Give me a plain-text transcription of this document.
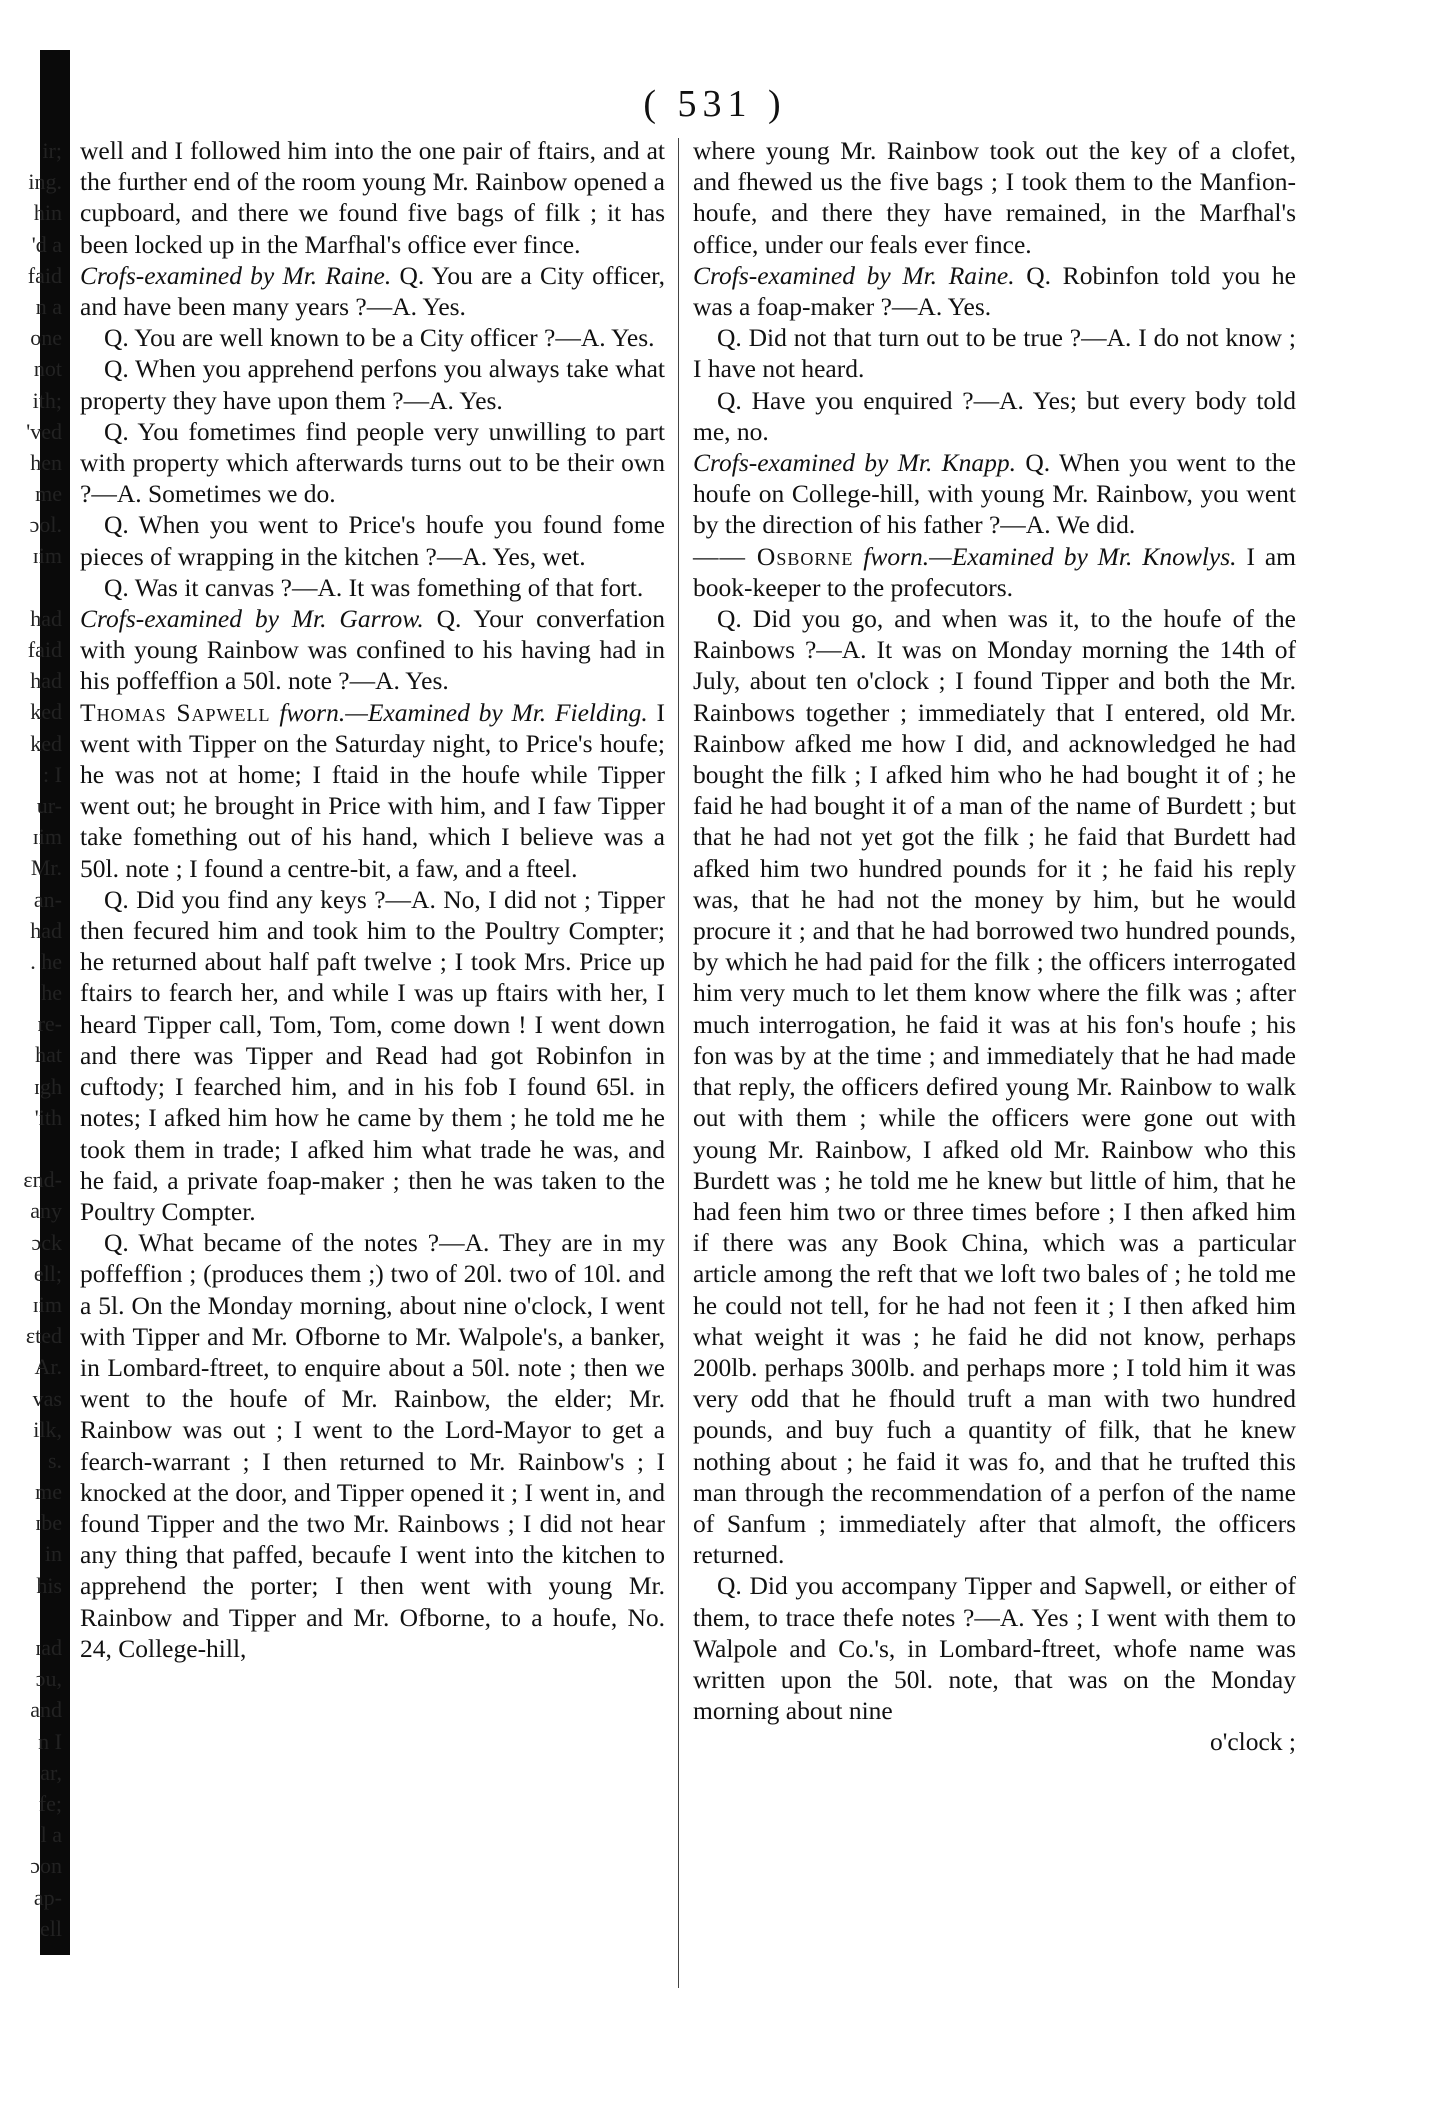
( 531 )
ir;
ing.
hin
'd a
faid
n a
one
not
ith;
'ved
hen
me
ɔol.
ɪim
had
faid
had
ked
ked
: I
ur-
ɪim
Mr.
an-
had
. he
he
re-
hat
ɪgh
'ith
ɛnd-
any
ɔck
ell;
ɪim
ɛted
Ar.
vas
ilk,
s.
me
ɪbe
in
his
ɪad
ɔu,
and
n I
ar,
fe;
l a
ɔon
ap-
ell

well and I followed him into the one pair of ftairs, and at the further end of the room young Mr. Rainbow opened a cupboard, and there we found five bags of filk ; it has been locked up in the Marfhal's office ever fince.

Crofs-examined by Mr. Raine. Q. You are a City officer, and have been many years ?—A. Yes.

Q. You are well known to be a City officer ?—A. Yes.

Q. When you apprehend perfons you always take what property they have upon them ?—A. Yes.

Q. You fometimes find people very unwilling to part with property which afterwards turns out to be their own ?—A. Sometimes we do.

Q. When you went to Price's houfe you found fome pieces of wrapping in the kitchen ?—A. Yes, wet.

Q. Was it canvas ?—A. It was fomething of that fort.

Crofs-examined by Mr. Garrow. Q. Your converfation with young Rainbow was confined to his having had in his poffeffion a 50l. note ?—A. Yes.

Thomas Sapwell fworn.—Examined by Mr. Fielding. I went with Tipper on the Saturday night, to Price's houfe; he was not at home; I ftaid in the houfe while Tipper went out; he brought in Price with him, and I faw Tipper take fomething out of his hand, which I believe was a 50l. note ; I found a centre-bit, a faw, and a fteel.

Q. Did you find any keys ?—A. No, I did not ; Tipper then fecured him and took him to the Poultry Compter; he returned about half paft twelve ; I took Mrs. Price up ftairs to fearch her, and while I was up ftairs with her, I heard Tipper call, Tom, Tom, come down ! I went down and there was Tipper and Read had got Robinfon in cuftody; I fearched him, and in his fob I found 65l. in notes; I afked him how he came by them ; he told me he took them in trade; I afked him what trade he was, and he faid, a private foap-maker ; then he was taken to the Poultry Compter.

Q. What became of the notes ?—A. They are in my poffeffion ; (produces them ;) two of 20l. two of 10l. and a 5l. On the Monday morning, about nine o'clock, I went with Tipper and Mr. Ofborne to Mr. Walpole's, a banker, in Lombard-ftreet, to enquire about a 50l. note ; then we went to the houfe of Mr. Rainbow, the elder; Mr. Rainbow was out ; I went to the Lord-Mayor to get a fearch-warrant ; I then returned to Mr. Rainbow's ; I knocked at the door, and Tipper opened it ; I went in, and found Tipper and the two Mr. Rainbows ; I did not hear any thing that paffed, becaufe I went into the kitchen to apprehend the porter; I then went with young Mr. Rainbow and Tipper and Mr. Ofborne, to a houfe, No. 24, College-hill,

where young Mr. Rainbow took out the key of a clofet, and fhewed us the five bags ; I took them to the Manfion-houfe, and there they have remained, in the Marfhal's office, under our feals ever fince.

Crofs-examined by Mr. Raine. Q. Robinfon told you he was a foap-maker ?—A. Yes.

Q. Did not that turn out to be true ?—A. I do not know ; I have not heard.

Q. Have you enquired ?—A. Yes; but every body told me, no.

Crofs-examined by Mr. Knapp. Q. When you went to the houfe on College-hill, with young Mr. Rainbow, you went by the direction of his father ?—A. We did.

—— Osborne fworn.—Examined by Mr. Knowlys. I am book-keeper to the profecutors.

Q. Did you go, and when was it, to the houfe of the Rainbows ?—A. It was on Monday morning the 14th of July, about ten o'clock ; I found Tipper and both the Mr. Rainbows together ; immediately that I entered, old Mr. Rainbow afked me how I did, and acknowledged he had bought the filk ; I afked him who he had bought it of ; he faid he had bought it of a man of the name of Burdett ; but that he had not yet got the filk ; he faid that Burdett had afked him two hundred pounds for it ; he faid his reply was, that he had not the money by him, but he would procure it ; and that he had borrowed two hundred pounds, by which he had paid for the filk ; the officers interrogated him very much to let them know where the filk was ; after much interrogation, he faid it was at his fon's houfe ; his fon was by at the time ; and immediately that he had made that reply, the officers defired young Mr. Rainbow to walk out with them ; while the officers were gone out with young Mr. Rainbow, I afked old Mr. Rainbow who this Burdett was ; he told me he knew but little of him, that he had feen him two or three times before ; I then afked him if there was any Book China, which was a particular article among the reft that we loft two bales of ; he told me he could not tell, for he had not feen it ; I then afked him what weight it was ; he faid he did not know, perhaps 200lb. perhaps 300lb. and perhaps more ; I told him it was very odd that he fhould truft a man with two hundred pounds, and buy fuch a quantity of filk, that he knew nothing about ; he faid it was fo, and that he trufted this man through the recommendation of a perfon of the name of Sanfum ; immediately after that almoft, the officers returned.

Q. Did you accompany Tipper and Sapwell, or either of them, to trace thefe notes ?—A. Yes ; I went with them to Walpole and Co.'s, in Lombard-ftreet, whofe name was written upon the 50l. note, that was on the Monday morning about nine

o'clock ;
